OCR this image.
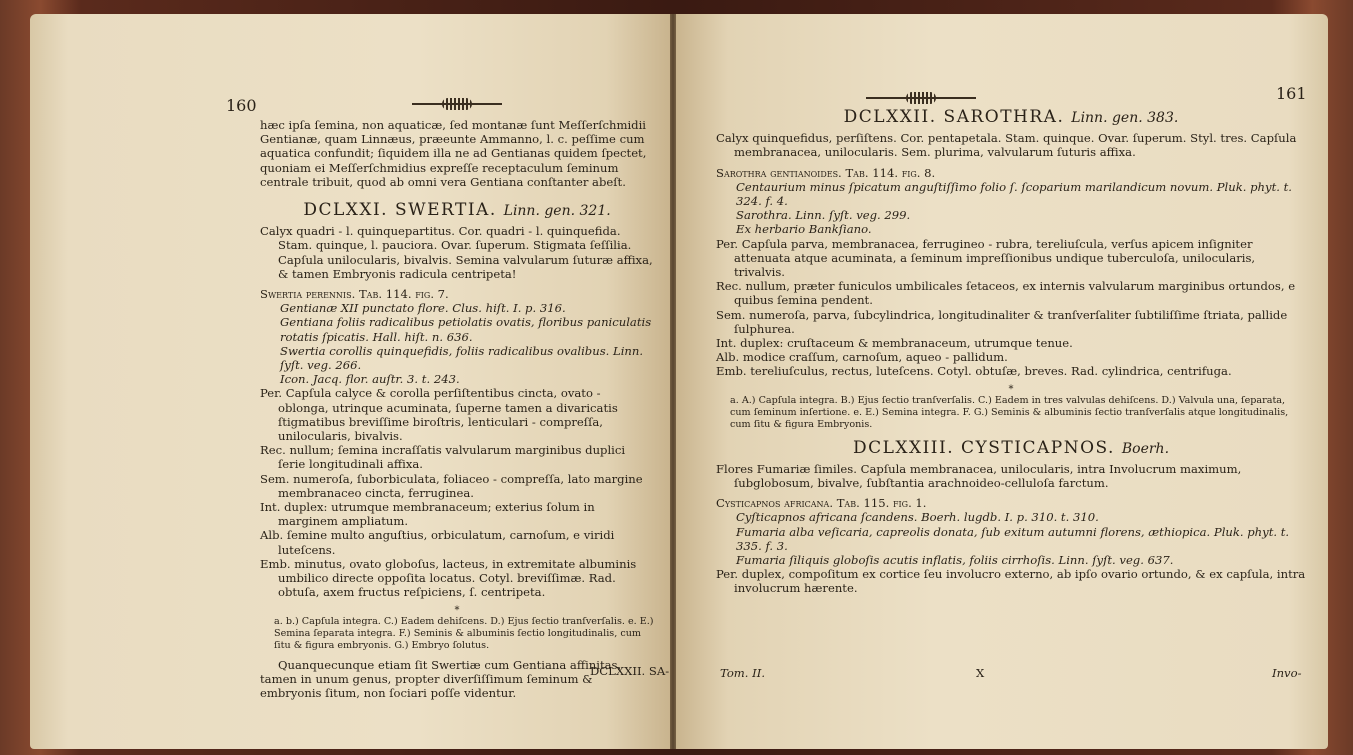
160

hæc ipſa ſemina, non aquaticæ, ſed montanæ ſunt Meſſerſchmidii Gentianæ, quam Linnæus, præeunte Ammanno, l. c. peſſime cum aquatica confundit; ſiquidem illa ne ad Gentianas quidem ſpectet, quoniam ei Meſſerſchmidius expreſſe receptaculum ſeminum centrale tribuit, quod ab omni vera Gentiana conſtanter abeſt.

DCLXXI. SWERTIA. Linn. gen. 321.

Calyx quadri - l. quinquepartitus. Cor. quadri - l. quinquefida. Stam. quinque, l. pauciora. Ovar. ſuperum. Stigmata ſeſſilia. Capſula unilocularis, bivalvis. Semina valvularum ſuturæ affixa, & tamen Embryonis radicula centripeta!

Swertia perennis. Tab. 114. fig. 7.

Gentianæ XII punctato flore. Clus. hiſt. I. p. 316.

Gentiana foliis radicalibus petiolatis ovatis, floribus paniculatis rotatis ſpicatis. Hall. hiſt. n. 636.

Swertia corollis quinquefidis, foliis radicalibus ovalibus. Linn. ſyſt. veg. 266.

Icon. Jacq. flor. auſtr. 3. t. 243.

Per. Capſula calyce & corolla perſiſtentibus cincta, ovato - oblonga, utrinque acuminata, ſuperne tamen a divaricatis ſtigmatibus breviſſime biroſtris, lenticulari - compreſſa, unilocularis, bivalvis.

Rec. nullum; ſemina incraſſatis valvularum marginibus duplici ſerie longitudinali affixa.

Sem. numeroſa, ſuborbiculata, foliaceo - compreſſa, lato margine membranaceo cincta, ferruginea.

Int. duplex: utrumque membranaceum; exterius ſolum in marginem ampliatum.

Alb. ſemine multo anguſtius, orbiculatum, carnoſum, e viridi luteſcens.

Emb. minutus, ovato globoſus, lacteus, in extremitate albuminis umbilico directe oppoſita locatus. Cotyl. breviſſimæ. Rad. obtuſa, axem fructus reſpiciens, ſ. centripeta.

*

a. b.) Capſula integra. C.) Eadem dehiſcens. D.) Ejus ſectio tranſverſalis. e. E.) Semina ſeparata integra. F.) Seminis & albuminis ſectio longitudinalis, cum ſitu & figura embryonis. G.) Embryo ſolutus.

Quanquecunque etiam ſit Swertiæ cum Gentiana affinitas, tamen in unum genus, propter diverſiſſimum ſeminum & embryonis ſitum, non ſociari poſſe videntur.

DCLXXII. SA-
161

DCLXXII. SAROTHRA. Linn. gen. 383.

Calyx quinquefidus, perſiſtens. Cor. pentapetala. Stam. quinque. Ovar. ſuperum. Styl. tres. Capſula membranacea, unilocularis. Sem. plurima, valvularum ſuturis affixa.

Sarothra gentianoides. Tab. 114. fig. 8.

Centaurium minus ſpicatum anguſtiſſimo folio ſ. ſcoparium marilandicum novum. Pluk. phyt. t. 324. f. 4.

Sarothra. Linn. ſyſt. veg. 299.

Ex herbario Bankſiano.

Per. Capſula parva, membranacea, ferrugineo - rubra, tereliuſcula, verſus apicem inſigniter attenuata atque acuminata, a ſeminum impreſſionibus undique tuberculoſa, unilocularis, trivalvis.

Rec. nullum, præter funiculos umbilicales ſetaceos, ex internis valvularum marginibus ortundos, e quibus ſemina pendent.

Sem. numeroſa, parva, ſubcylindrica, longitudinaliter & tranſverſaliter ſubtiliſſime ſtriata, pallide ſulphurea.

Int. duplex: cruſtaceum & membranaceum, utrumque tenue.

Alb. modice craſſum, carnoſum, aqueo - pallidum.

Emb. tereliuſculus, rectus, luteſcens. Cotyl. obtuſæ, breves. Rad. cylindrica, centrifuga.

*

a. A.) Capſula integra. B.) Ejus ſectio tranſverſalis. C.) Eadem in tres valvulas dehiſcens. D.) Valvula una, ſeparata, cum ſeminum inſertione. e. E.) Semina integra. F. G.) Seminis & albuminis ſectio tranſverſalis atque longitudinalis, cum ſitu & figura Embryonis.

DCLXXIII. CYSTICAPNOS. Boerh.

Flores Fumariæ ſimiles. Capſula membranacea, unilocularis, intra Involucrum maximum, ſubglobosum, bivalve, ſubſtantia arachnoideo-celluloſa farctum.

Cysticapnos africana. Tab. 115. fig. 1.

Cyſticapnos africana ſcandens. Boerh. lugdb. I. p. 310. t. 310.

Fumaria alba veſicaria, capreolis donata, ſub exitum autumni florens, æthiopica. Pluk. phyt. t. 335. f. 3.

Fumaria ſiliquis globoſis acutis inflatis, foliis cirrhoſis. Linn. ſyſt. veg. 637.

Per. duplex, compoſitum ex cortice ſeu involucro externo, ab ipſo ovario ortundo, & ex capſula, intra involucrum hærente.

Tom. II.	X	Invo-
